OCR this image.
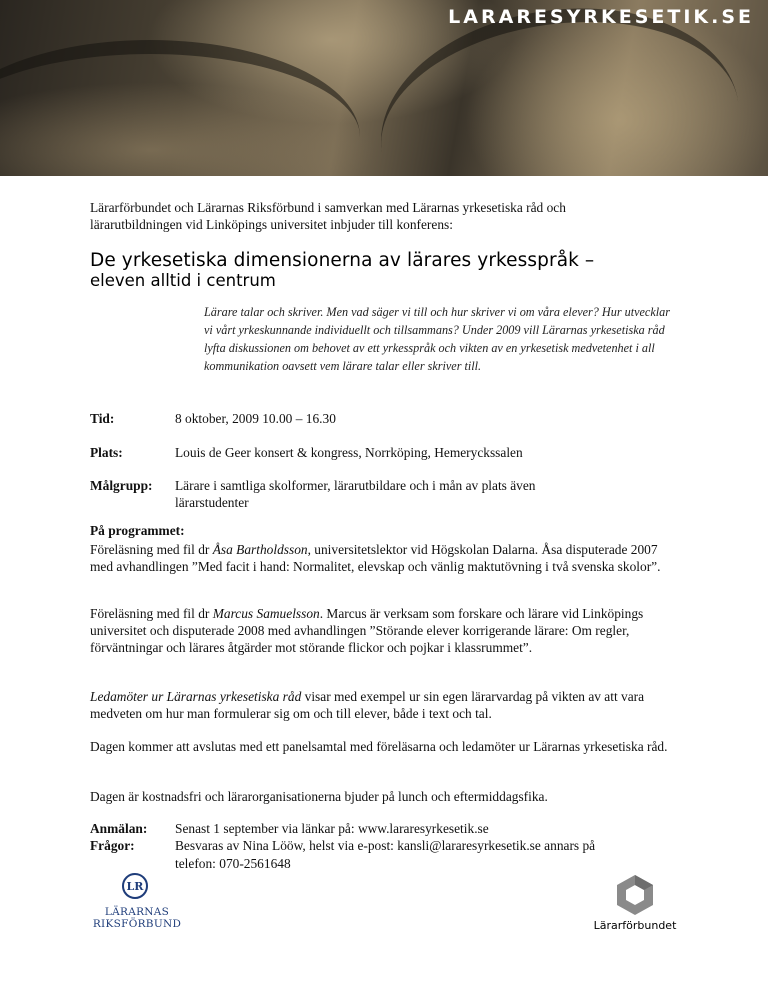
LARARESYRKESETIK.SE
Lärarförbundet och Lärarnas Riksförbund i samverkan med Lärarnas yrkesetiska råd och lärarutbildningen vid Linköpings universitet inbjuder till konferens:
De yrkesetiska dimensionerna av lärares yrkesspråk –
eleven alltid i centrum
Lärare talar och skriver. Men vad säger vi till och hur skriver vi om våra elever? Hur utvecklar vi vårt yrkeskunnande individuellt och tillsammans? Under 2009 vill Lärarnas yrkesetiska råd lyfta diskussionen om behovet av ett yrkesspråk och vikten av en yrkesetisk medvetenhet i all kommunikation oavsett vem lärare talar eller skriver till.
Tid:	8 oktober, 2009 10.00 – 16.30
Plats:	Louis de Geer konsert & kongress, Norrköping, Hemeryckssalen
Målgrupp: Lärare i samtliga skolformer, lärarutbildare och i mån av plats även lärarstudenter
På programmet:
Föreläsning med fil dr Åsa Bartholdsson, universitetslektor vid Högskolan Dalarna. Åsa disputerade 2007 med avhandlingen ”Med facit i hand: Normalitet, elevskap och vänlig maktutövning i två svenska skolor”.
Föreläsning med fil dr Marcus Samuelsson. Marcus är verksam som forskare och lärare vid Linköpings universitet och disputerade 2008 med avhandlingen ”Störande elever korrigerande lärare: Om regler, förväntningar och lärares åtgärder mot störande flickor och pojkar i klassrummet”.
Ledamöter ur Lärarnas yrkesetiska råd visar med exempel ur sin egen lärarvardag på vikten av att vara medveten om hur man formulerar sig om och till elever, både i text och tal.
Dagen kommer att avslutas med ett panelsamtal med föreläsarna och ledamöter ur Lärarnas yrkesetiska råd.
Dagen är kostnadsfri och lärarorganisationerna bjuder på lunch och eftermiddagsfika.
Anmälan: Senast 1 september via länkar på: www.lararesyrkesetik.se
Frågor:	Besvaras av Nina Lööw, helst via e-post: kansli@lararesyrkesetik.se annars på
telefon: 070-2561648
LR
LÄRARNAS
RIKSFÖRBUND	Lärarförbundet
